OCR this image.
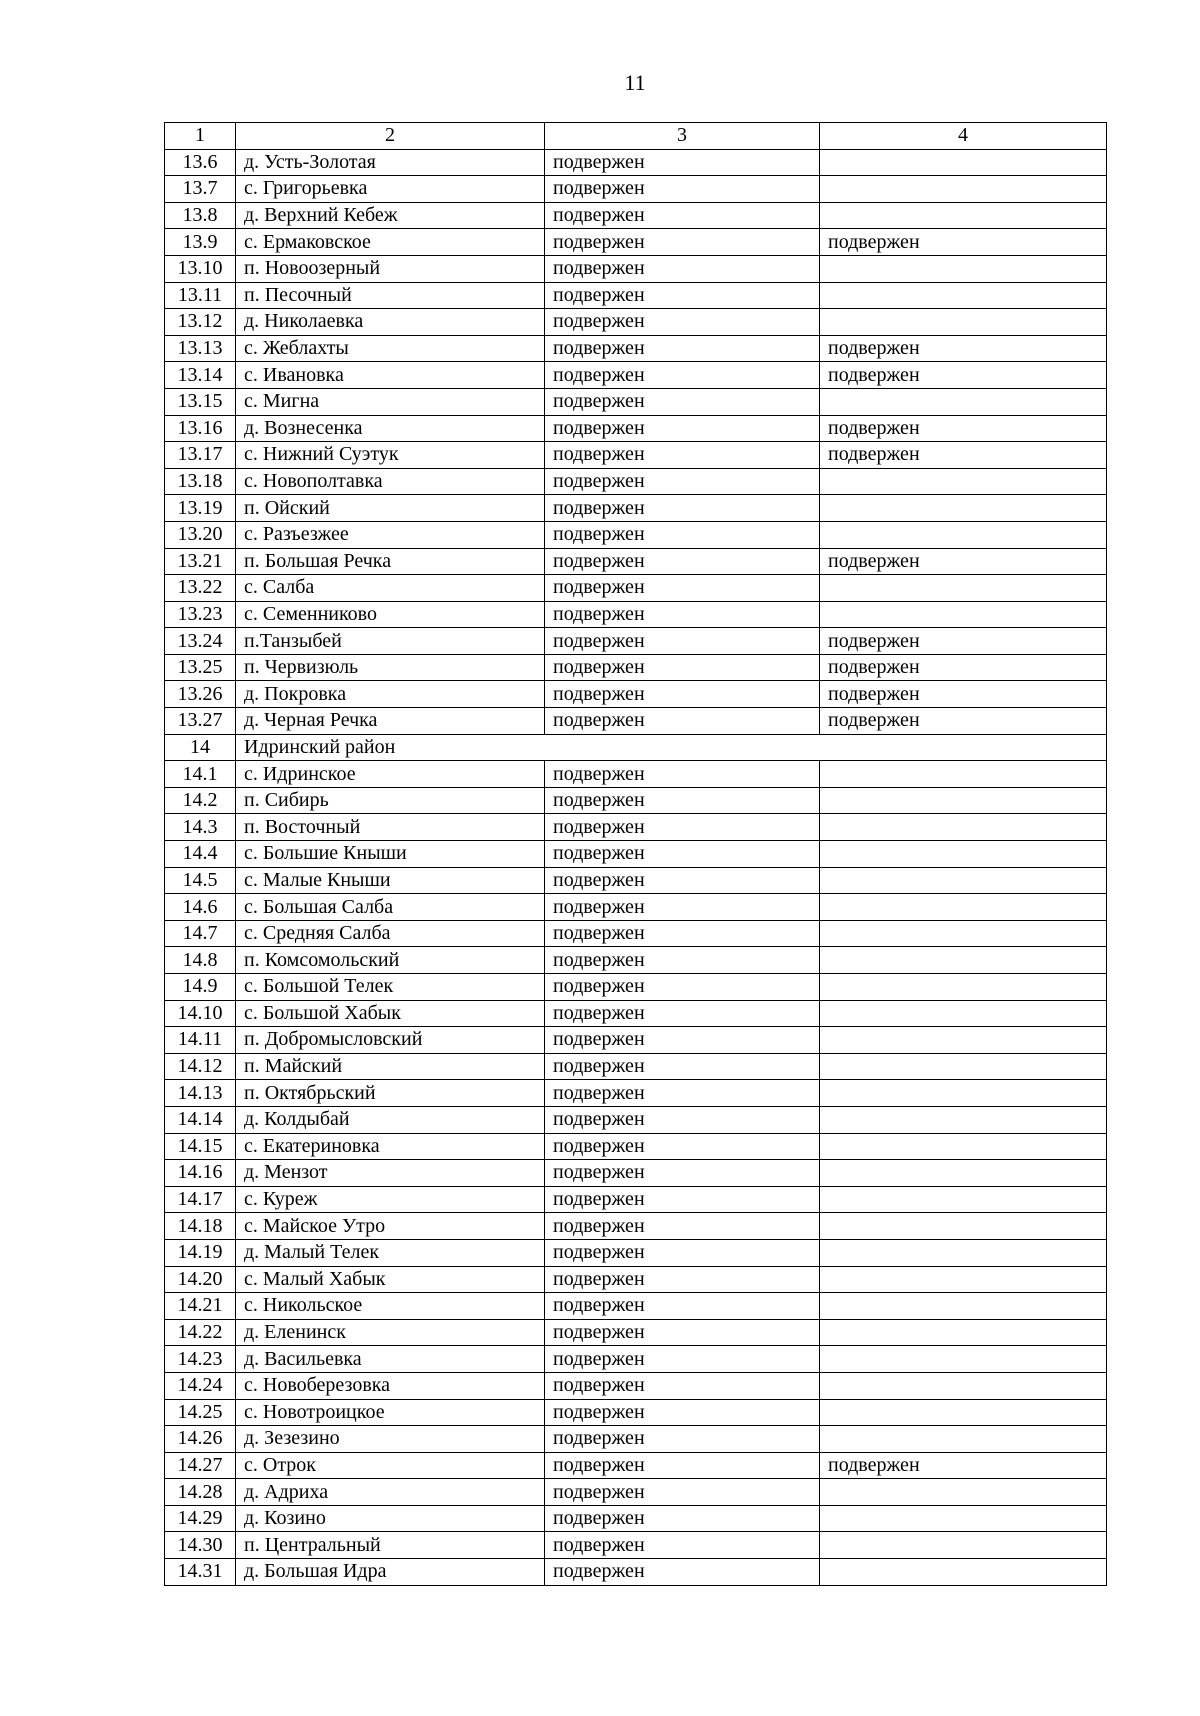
11
1	2	3	4
13.6	д. Усть-Золотая	подвержен	
13.7	с. Григорьевка	подвержен	
13.8	д. Верхний Кебеж	подвержен	
13.9	с. Ермаковское	подвержен	подвержен
13.10	п. Новоозерный	подвержен	
13.11	п. Песочный	подвержен	
13.12	д. Николаевка	подвержен	
13.13	с. Жеблахты	подвержен	подвержен
13.14	с. Ивановка	подвержен	подвержен
13.15	с. Мигна	подвержен	
13.16	д. Вознесенка	подвержен	подвержен
13.17	с. Нижний Суэтук	подвержен	подвержен
13.18	с. Новополтавка	подвержен	
13.19	п. Ойский	подвержен	
13.20	с. Разъезжее	подвержен	
13.21	п. Большая Речка	подвержен	подвержен
13.22	с. Салба	подвержен	
13.23	с. Семенниково	подвержен	
13.24	п.Танзыбей	подвержен	подвержен
13.25	п. Червизюль	подвержен	подвержен
13.26	д. Покровка	подвержен	подвержен
13.27	д. Черная Речка	подвержен	подвержен
14	Идринский район		
14.1	с. Идринское	подвержен	
14.2	п. Сибирь	подвержен	
14.3	п. Восточный	подвержен	
14.4	с. Большие Кныши	подвержен	
14.5	с. Малые Кныши	подвержен	
14.6	с. Большая Салба	подвержен	
14.7	с. Средняя Салба	подвержен	
14.8	п. Комсомольский	подвержен	
14.9	с. Большой Телек	подвержен	
14.10	с. Большой Хабык	подвержен	
14.11	п. Добромысловский	подвержен	
14.12	п. Майский	подвержен	
14.13	п. Октябрьский	подвержен	
14.14	д. Колдыбай	подвержен	
14.15	с. Екатериновка	подвержен	
14.16	д. Мензот	подвержен	
14.17	с. Куреж	подвержен	
14.18	с. Майское Утро	подвержен	
14.19	д. Малый Телек	подвержен	
14.20	с. Малый Хабык	подвержен	
14.21	с. Никольское	подвержен	
14.22	д. Еленинск	подвержен	
14.23	д. Васильевка	подвержен	
14.24	с. Новоберезовка	подвержен	
14.25	с. Новотроицкое	подвержен	
14.26	д. Зезезино	подвержен	
14.27	с. Отрок	подвержен	подвержен
14.28	д. Адриха	подвержен	
14.29	д. Козино	подвержен	
14.30	п. Центральный	подвержен	
14.31	д. Большая Идра	подвержен	
